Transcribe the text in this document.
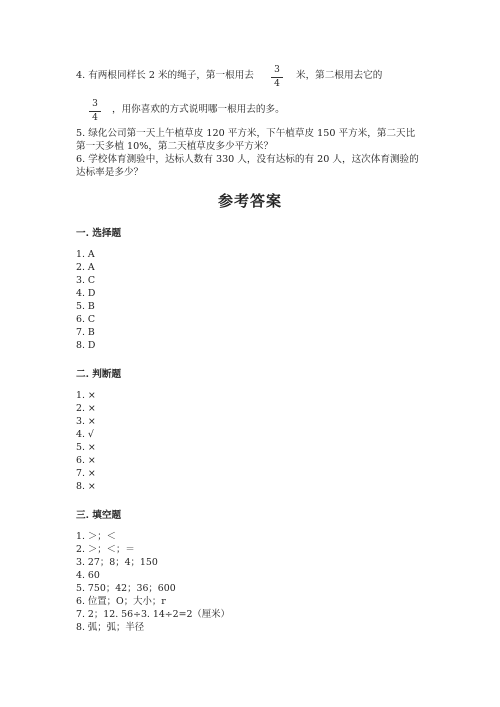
4. 有两根同样长 2 米的绳子，第一根用去	3
4
米，第二根用去它的
3
4
，用你喜欢的方式说明哪一根用去的多。
5. 绿化公司第一天上午植草皮 120 平方米，下午植草皮 150 平方米，第二天比
第一天多植 10%，第二天植草皮多少平方米？
6. 学校体育测验中，达标人数有 330 人，没有达标的有 20 人，这次体育测验的
达标率是多少？
参考答案
一. 选择题
1. A
2. A
3. C
4. D
5. B
6. C
7. B
8. D
二. 判断题
1. ×
2. ×
3. ×
4. √
5. ×
6. ×
7. ×
8. ×
三. 填空题
1. ＞；＜
2. ＞；＜；＝
3. 27；8；4；150
4. 60
5. 750；42；36；600
6. 位置；O；大小；r
7. 2；12. 56÷3. 14÷2=2（厘米）
8. 弧；弧；半径
